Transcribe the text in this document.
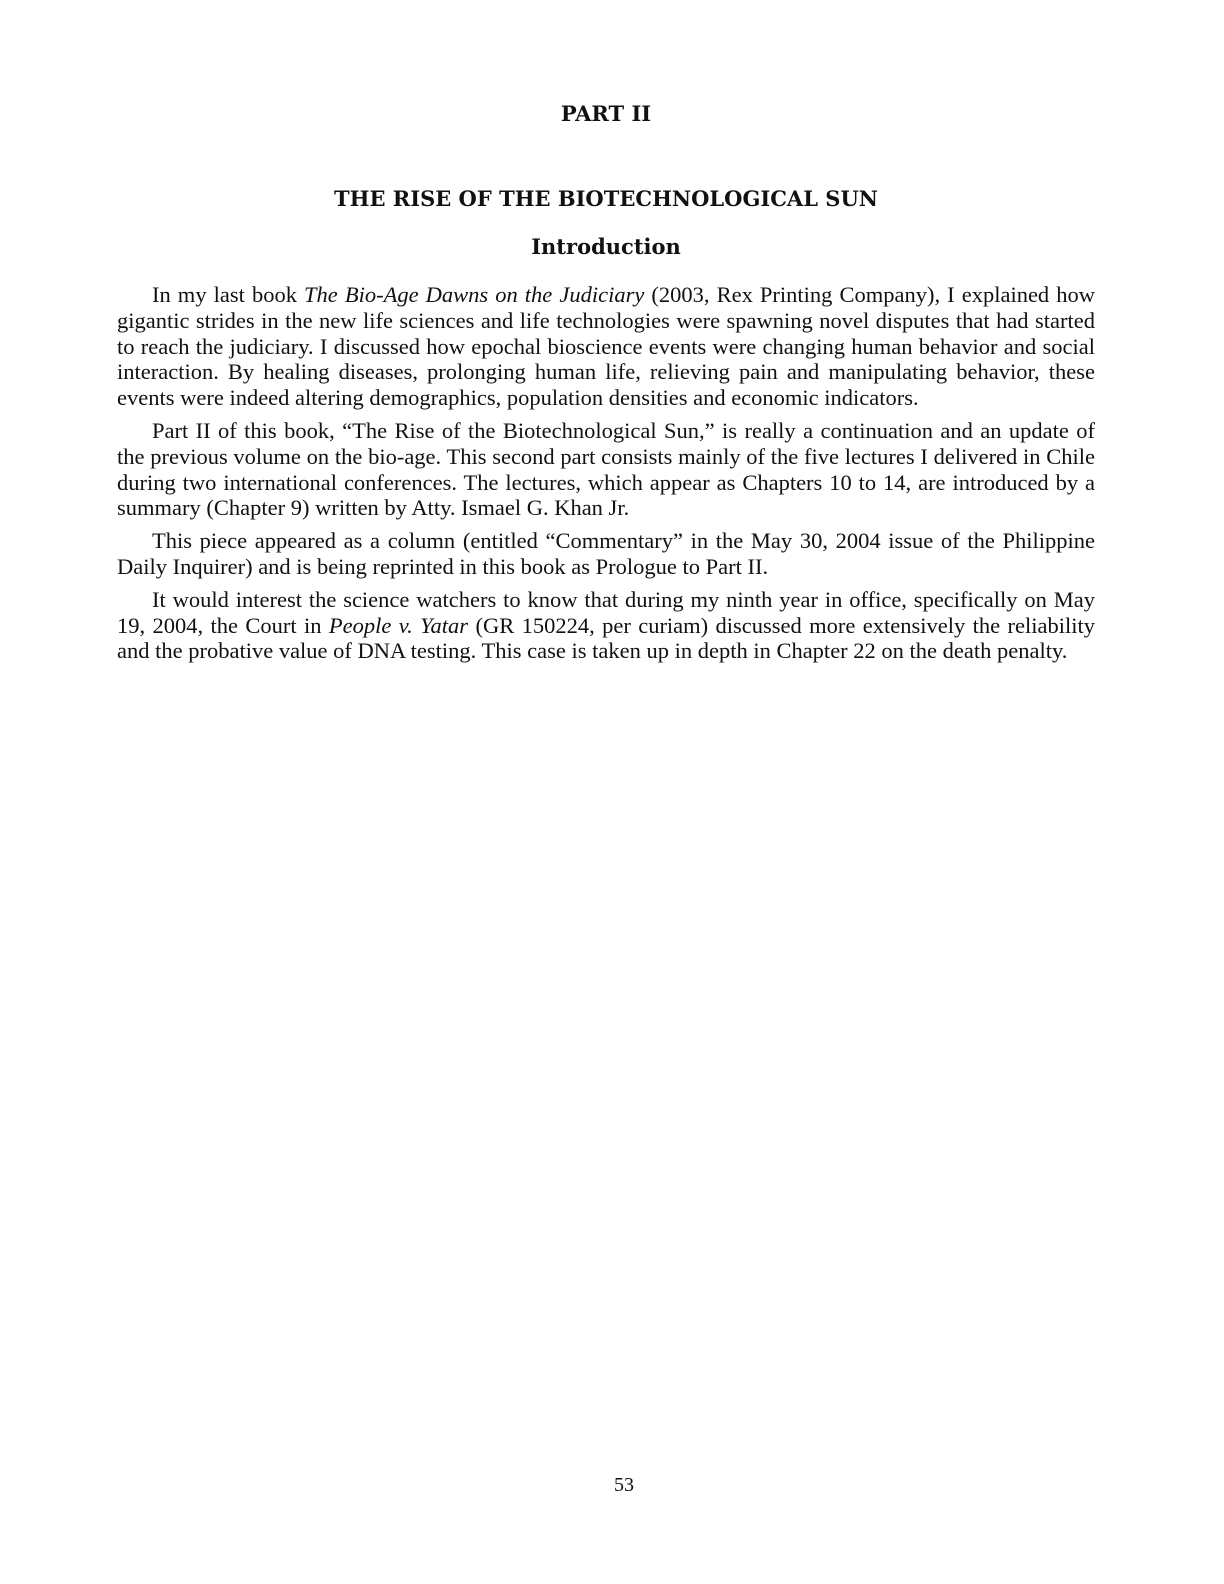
PART II
THE RISE OF THE BIOTECHNOLOGICAL SUN
Introduction

In my last book The Bio-Age Dawns on the Judiciary (2003, Rex Printing Company), I explained how gigantic strides in the new life sciences and life technologies were spawning novel disputes that had started to reach the judiciary. I discussed how epochal bioscience events were changing human behavior and social interaction. By healing diseases, prolonging human life, relieving pain and manipulating behavior, these events were indeed altering demographics, population densities and economic indicators.

Part II of this book, “The Rise of the Biotechnological Sun,” is really a continuation and an update of the previous volume on the bio-age. This second part consists mainly of the five lectures I delivered in Chile during two international conferences. The lectures, which appear as Chapters 10 to 14, are introduced by a summary (Chapter 9) written by Atty. Ismael G. Khan Jr.

This piece appeared as a column (entitled “Commentary” in the May 30, 2004 issue of the Philippine Daily Inquirer) and is being reprinted in this book as Prologue to Part II.

It would interest the science watchers to know that during my ninth year in office, specifically on May 19, 2004, the Court in People v. Yatar (GR 150224, per curiam) discussed more extensively the reliability and the probative value of DNA testing. This case is taken up in depth in Chapter 22 on the death penalty.

53
